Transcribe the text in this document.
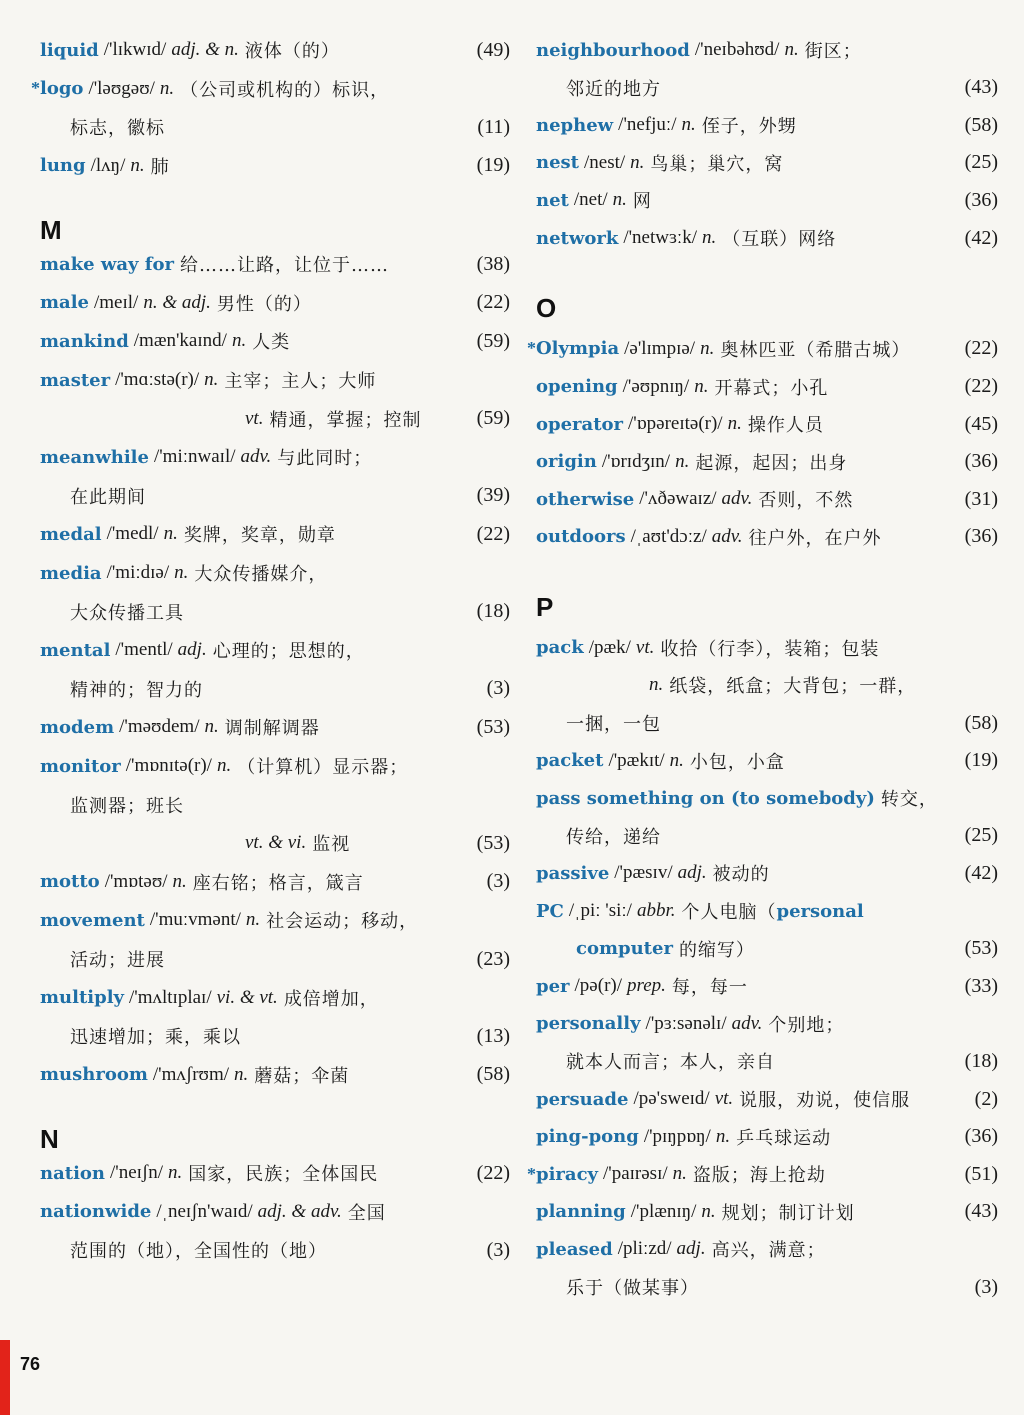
liquid /'lɪkwɪd/ adj. & n. 液体（的）	(49)
* logo /'ləʊgəʊ/ n. （公司或机构的）标识，
标志，徽标	(11)
lung /lʌŋ/ n. 肺	(19)
M
make way for 给……让路，让位于……	(38)
male /meɪl/ n. & adj. 男性（的）	(22)
mankind /mæn'kaɪnd/ n. 人类	(59)
master /'mɑːstə(r)/ n. 主宰；主人；大师
vt. 精通，掌握；控制	(59)
meanwhile /'miːnwaɪl/ adv. 与此同时；
在此期间	(39)
medal /'medl/ n. 奖牌，奖章，勋章	(22)
media /'miːdɪə/ n. 大众传播媒介，
大众传播工具	(18)
mental /'mentl/ adj. 心理的；思想的，
精神的；智力的	(3)
modem /'məʊdem/ n. 调制解调器	(53)
monitor /'mɒnɪtə(r)/ n. （计算机）显示器；
监测器；班长
vt. & vi. 监视	(53)
motto /'mɒtəʊ/ n. 座右铭；格言，箴言	(3)
movement /'muːvmənt/ n. 社会运动；移动，
活动；进展	(23)
multiply /'mʌltɪplaɪ/ vi. & vt. 成倍增加，
迅速增加；乘，乘以	(13)
mushroom /'mʌʃrʊm/ n. 蘑菇；伞菌	(58)
N
nation /'neɪʃn/ n. 国家，民族；全体国民	(22)
nationwide /ˌneɪʃn'waɪd/ adj. & adv. 全国
范围的（地），全国性的（地）	(3)
neighbourhood /'neɪbəhʊd/ n. 街区；
邻近的地方	(43)
nephew /'nefjuː/ n. 侄子，外甥	(58)
nest /nest/ n. 鸟巢；巢穴，窝	(25)
net /net/ n. 网	(36)
network /'netwɜːk/ n. （互联）网络	(42)
O
* Olympia /ə'lɪmpɪə/ n. 奥林匹亚（希腊古城）	(22)
opening /'əʊpnɪŋ/ n. 开幕式；小孔	(22)
operator /'ɒpəreɪtə(r)/ n. 操作人员	(45)
origin /'ɒrɪdʒɪn/ n. 起源，起因；出身	(36)
otherwise /'ʌðəwaɪz/ adv. 否则，不然	(31)
outdoors /ˌaʊt'dɔːz/ adv. 往户外，在户外	(36)
P
pack /pæk/ vt. 收拾（行李），装箱；包装
n. 纸袋，纸盒；大背包；一群，
一捆，一包	(58)
packet /'pækɪt/ n. 小包，小盒	(19)
pass something on (to somebody) 转交，
传给，递给	(25)
passive /'pæsɪv/ adj. 被动的	(42)
PC /ˌpiː 'siː/ abbr. 个人电脑（ personal
computer 的缩写）	(53)
per /pə(r)/ prep. 每，每一	(33)
personally /'pɜːsənəlɪ/ adv. 个别地；
就本人而言；本人，亲自	(18)
persuade /pə'sweɪd/ vt. 说服，劝说，使信服	(2)
ping-pong /'pɪŋpɒŋ/ n. 乒乓球运动	(36)
* piracy /'paɪrəsɪ/ n. 盗版；海上抢劫	(51)
planning /'plænɪŋ/ n. 规划；制订计划	(43)
pleased /pliːzd/ adj. 高兴，满意；
乐于（做某事）	(3)
76
